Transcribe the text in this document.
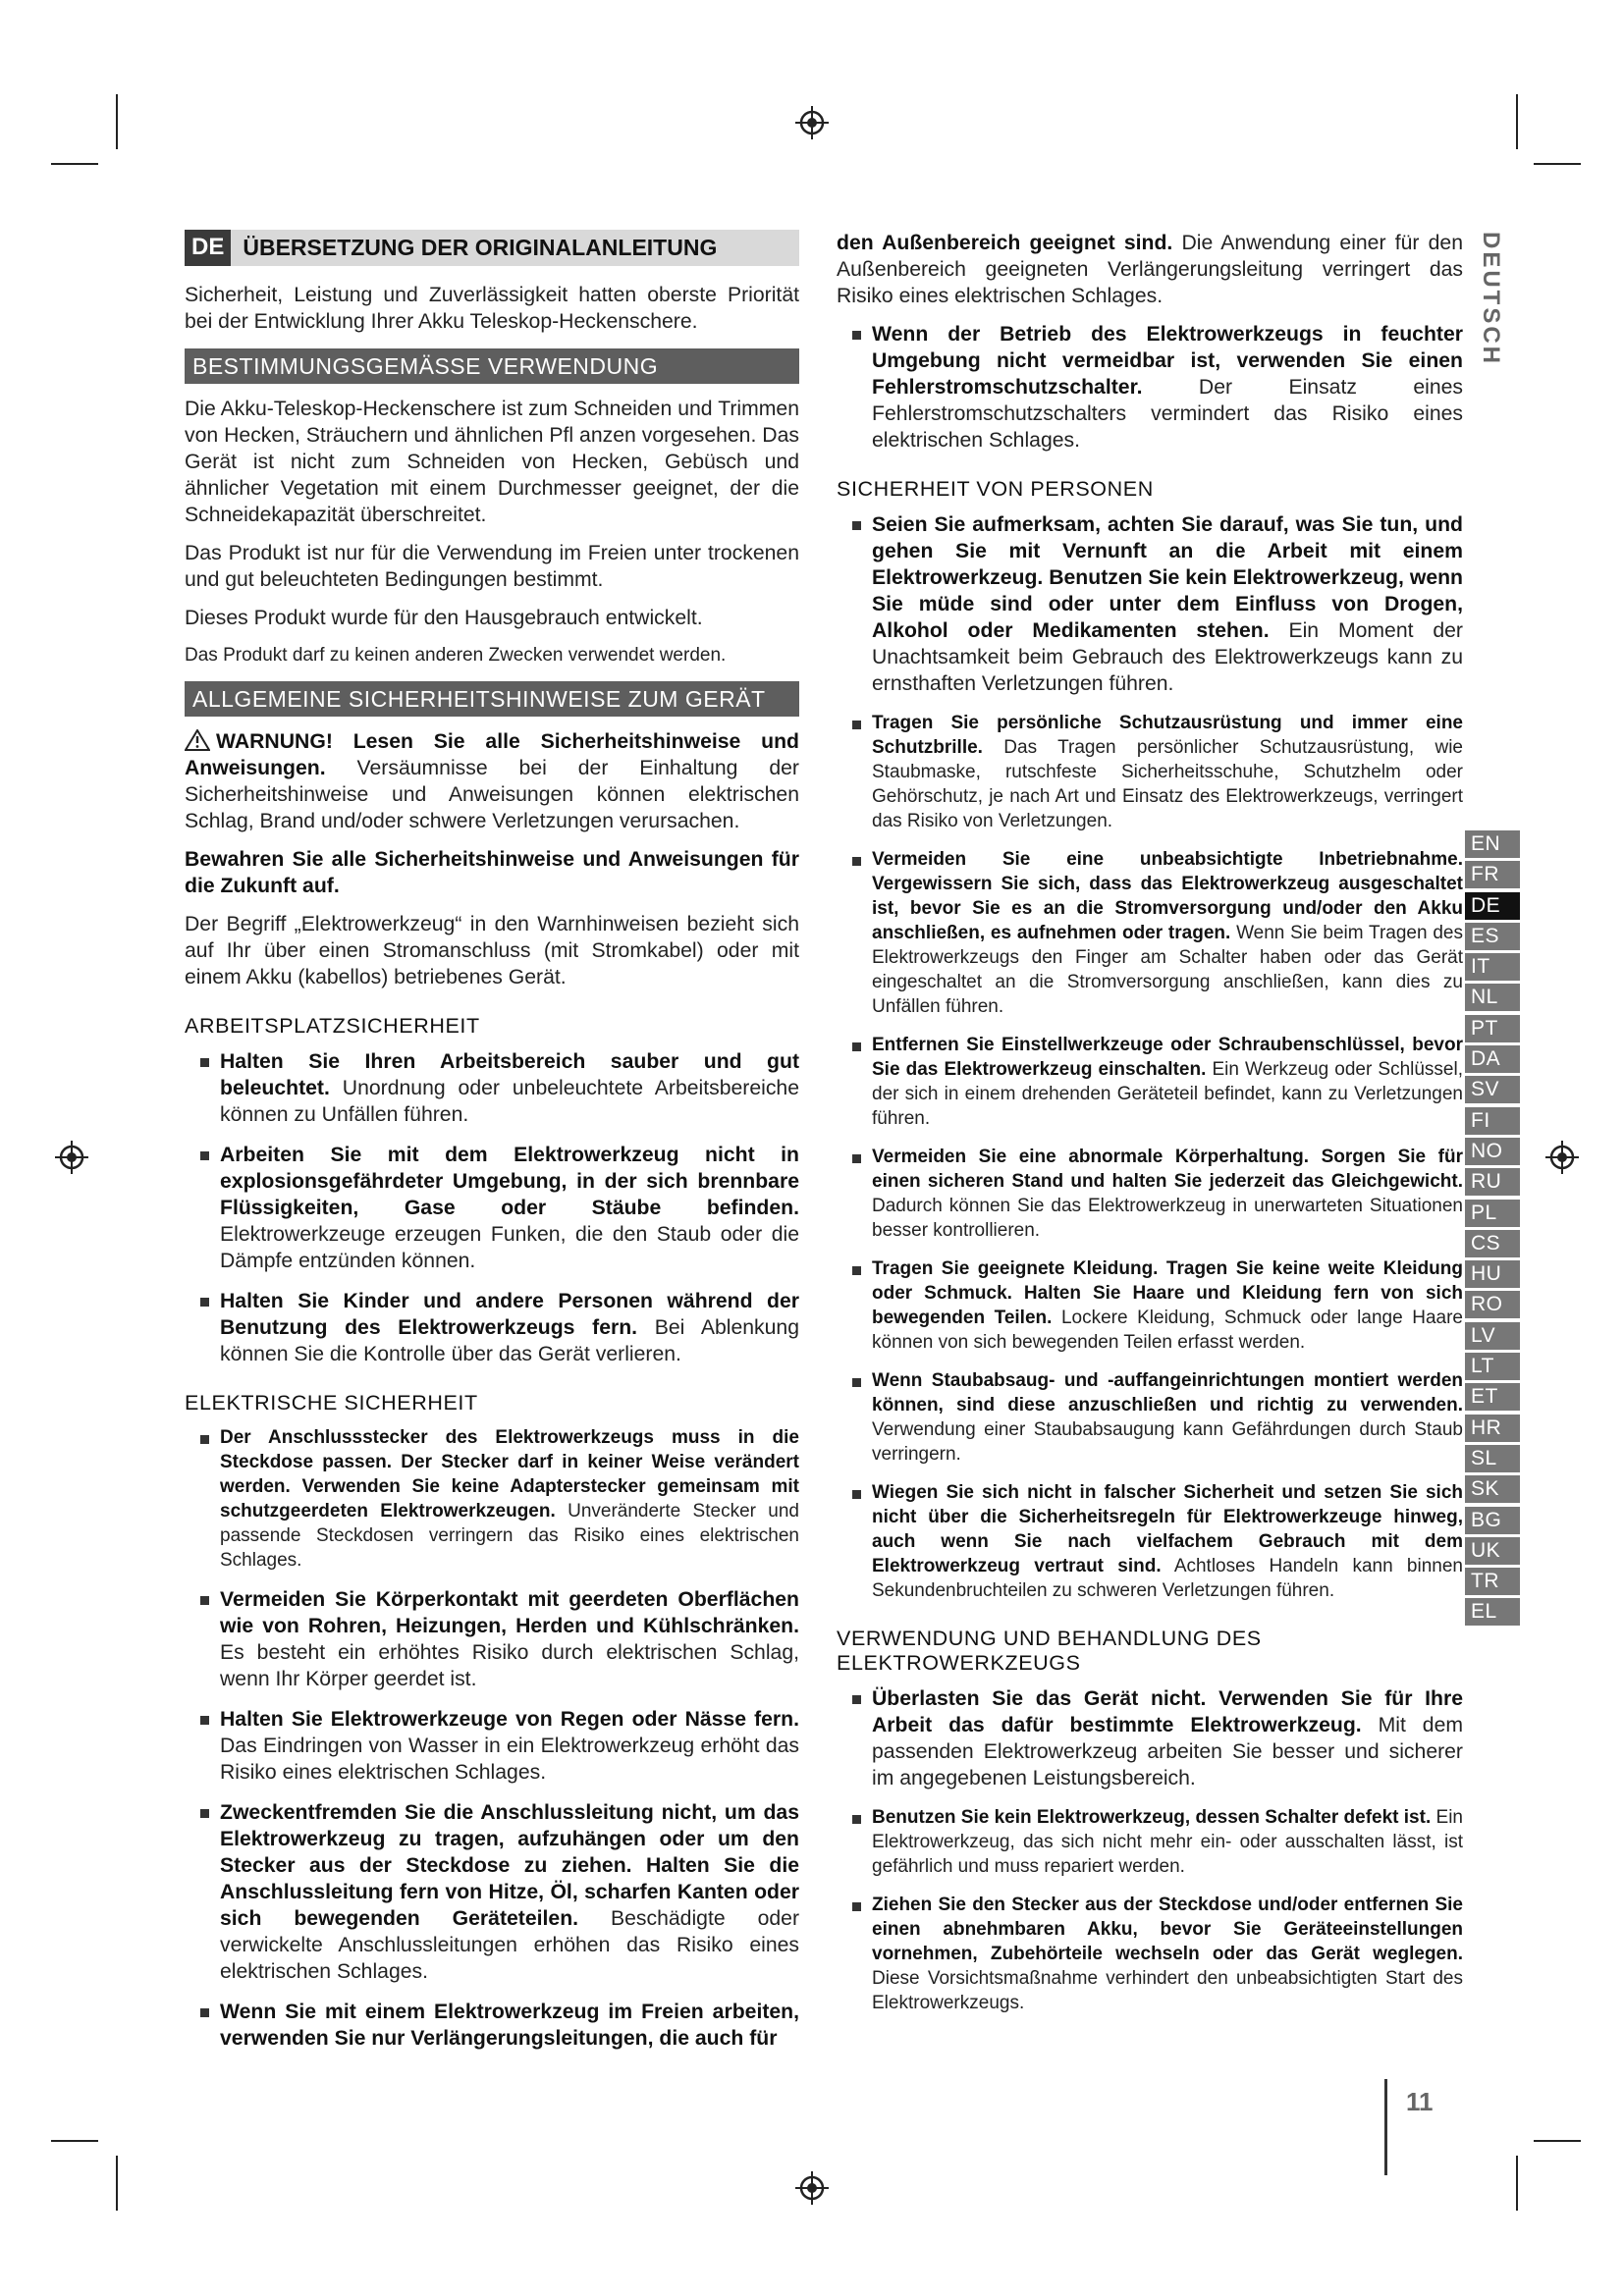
DEUTSCH
EN
FR
DE
ES
IT
NL
PT
DA
SV
FI
NO
RU
PL
CS
HU
RO
LV
LT
ET
HR
SL
SK
BG
UK
TR
EL
DE ÜBERSETZUNG DER ORIGINALANLEITUNG

Sicherheit, Leistung und Zuverlässigkeit hatten oberste Priorität bei der Entwicklung Ihrer Akku Teleskop-Heckenschere.

BESTIMMUNGSGEMÄSSE VERWENDUNG

Die Akku-Teleskop-Heckenschere ist zum Schneiden und Trimmen von Hecken, Sträuchern und ähnlichen Pfl anzen vorgesehen. Das Gerät ist nicht zum Schneiden von Hecken, Gebüsch und ähnlicher Vegetation mit einem Durchmesser geeignet, der die Schneidekapazität überschreitet.

Das Produkt ist nur für die Verwendung im Freien unter trockenen und gut beleuchteten Bedingungen bestimmt.

Dieses Produkt wurde für den Hausgebrauch entwickelt.

Das Produkt darf zu keinen anderen Zwecken verwendet werden.

ALLGEMEINE SICHERHEITSHINWEISE ZUM GERÄT

WARNUNG! Lesen Sie alle Sicherheitshinweise und Anweisungen. Versäumnisse bei der Einhaltung der Sicherheitshinweise und Anweisungen können elektrischen Schlag, Brand und/oder schwere Verletzungen verursachen.

Bewahren Sie alle Sicherheitshinweise und Anweisungen für die Zukunft auf.

Der Begriff „Elektrowerkzeug“ in den Warnhinweisen bezieht sich auf Ihr über einen Stromanschluss (mit Stromkabel) oder mit einem Akku (kabellos) betriebenes Gerät.

ARBEITSPLATZSICHERHEIT

Halten Sie Ihren Arbeitsbereich sauber und gut beleuchtet. Unordnung oder unbeleuchtete Arbeitsbereiche können zu Unfällen führen.

Arbeiten Sie mit dem Elektrowerkzeug nicht in explosionsgefährdeter Umgebung, in der sich brennbare Flüssigkeiten, Gase oder Stäube befinden. Elektrowerkzeuge erzeugen Funken, die den Staub oder die Dämpfe entzünden können.

Halten Sie Kinder und andere Personen während der Benutzung des Elektrowerkzeugs fern. Bei Ablenkung können Sie die Kontrolle über das Gerät verlieren.

ELEKTRISCHE SICHERHEIT

Der Anschlussstecker des Elektrowerkzeugs muss in die Steckdose passen. Der Stecker darf in keiner Weise verändert werden. Verwenden Sie keine Adapterstecker gemeinsam mit schutzgeerdeten Elektrowerkzeugen. Unveränderte Stecker und passende Steckdosen verringern das Risiko eines elektrischen Schlages.

Vermeiden Sie Körperkontakt mit geerdeten Oberflächen wie von Rohren, Heizungen, Herden und Kühlschränken. Es besteht ein erhöhtes Risiko durch elektrischen Schlag, wenn Ihr Körper geerdet ist.

Halten Sie Elektrowerkzeuge von Regen oder Nässe fern. Das Eindringen von Wasser in ein Elektrowerkzeug erhöht das Risiko eines elektrischen Schlages.

Zweckentfremden Sie die Anschlussleitung nicht, um das Elektrowerkzeug zu tragen, aufzuhängen oder um den Stecker aus der Steckdose zu ziehen. Halten Sie die Anschlussleitung fern von Hitze, Öl, scharfen Kanten oder sich bewegenden Geräteteilen. Beschädigte oder verwickelte Anschlussleitungen erhöhen das Risiko eines elektrischen Schlages.

Wenn Sie mit einem Elektrowerkzeug im Freien arbeiten, verwenden Sie nur Verlängerungsleitungen, die auch für

den Außenbereich geeignet sind. Die Anwendung einer für den Außenbereich geeigneten Verlängerungsleitung verringert das Risiko eines elektrischen Schlages.

Wenn der Betrieb des Elektrowerkzeugs in feuchter Umgebung nicht vermeidbar ist, verwenden Sie einen Fehlerstromschutzschalter. Der Einsatz eines Fehlerstromschutzschalters vermindert das Risiko eines elektrischen Schlages.

SICHERHEIT VON PERSONEN

Seien Sie aufmerksam, achten Sie darauf, was Sie tun, und gehen Sie mit Vernunft an die Arbeit mit einem Elektrowerkzeug. Benutzen Sie kein Elektrowerkzeug, wenn Sie müde sind oder unter dem Einfluss von Drogen, Alkohol oder Medikamenten stehen. Ein Moment der Unachtsamkeit beim Gebrauch des Elektrowerkzeugs kann zu ernsthaften Verletzungen führen.

Tragen Sie persönliche Schutzausrüstung und immer eine Schutzbrille. Das Tragen persönlicher Schutzausrüstung, wie Staubmaske, rutschfeste Sicherheitsschuhe, Schutzhelm oder Gehörschutz, je nach Art und Einsatz des Elektrowerkzeugs, verringert das Risiko von Verletzungen.

Vermeiden Sie eine unbeabsichtigte Inbetriebnahme. Vergewissern Sie sich, dass das Elektrowerkzeug ausgeschaltet ist, bevor Sie es an die Stromversorgung und/oder den Akku anschließen, es aufnehmen oder tragen. Wenn Sie beim Tragen des Elektrowerkzeugs den Finger am Schalter haben oder das Gerät eingeschaltet an die Stromversorgung anschließen, kann dies zu Unfällen führen.

Entfernen Sie Einstellwerkzeuge oder Schraubenschlüssel, bevor Sie das Elektrowerkzeug einschalten. Ein Werkzeug oder Schlüssel, der sich in einem drehenden Geräteteil befindet, kann zu Verletzungen führen.

Vermeiden Sie eine abnormale Körperhaltung. Sorgen Sie für einen sicheren Stand und halten Sie jederzeit das Gleichgewicht. Dadurch können Sie das Elektrowerkzeug in unerwarteten Situationen besser kontrollieren.

Tragen Sie geeignete Kleidung. Tragen Sie keine weite Kleidung oder Schmuck. Halten Sie Haare und Kleidung fern von sich bewegenden Teilen. Lockere Kleidung, Schmuck oder lange Haare können von sich bewegenden Teilen erfasst werden.

Wenn Staubabsaug- und -auffangeinrichtungen montiert werden können, sind diese anzuschließen und richtig zu verwenden. Verwendung einer Staubabsaugung kann Gefährdungen durch Staub verringern.

Wiegen Sie sich nicht in falscher Sicherheit und setzen Sie sich nicht über die Sicherheitsregeln für Elektrowerkzeuge hinweg, auch wenn Sie nach vielfachem Gebrauch mit dem Elektrowerkzeug vertraut sind. Achtloses Handeln kann binnen Sekundenbruchteilen zu schweren Verletzungen führen.

VERWENDUNG UND BEHANDLUNG DES ELEKTROWERKZEUGS

Überlasten Sie das Gerät nicht. Verwenden Sie für Ihre Arbeit das dafür bestimmte Elektrowerkzeug. Mit dem passenden Elektrowerkzeug arbeiten Sie besser und sicherer im angegebenen Leistungsbereich.

Benutzen Sie kein Elektrowerkzeug, dessen Schalter defekt ist. Ein Elektrowerkzeug, das sich nicht mehr ein- oder ausschalten lässt, ist gefährlich und muss repariert werden.

Ziehen Sie den Stecker aus der Steckdose und/oder entfernen Sie einen abnehmbaren Akku, bevor Sie Geräteeinstellungen vornehmen, Zubehörteile wechseln oder das Gerät weglegen. Diese Vorsichtsmaßnahme verhindert den unbeabsichtigten Start des Elektrowerkzeugs.

11
